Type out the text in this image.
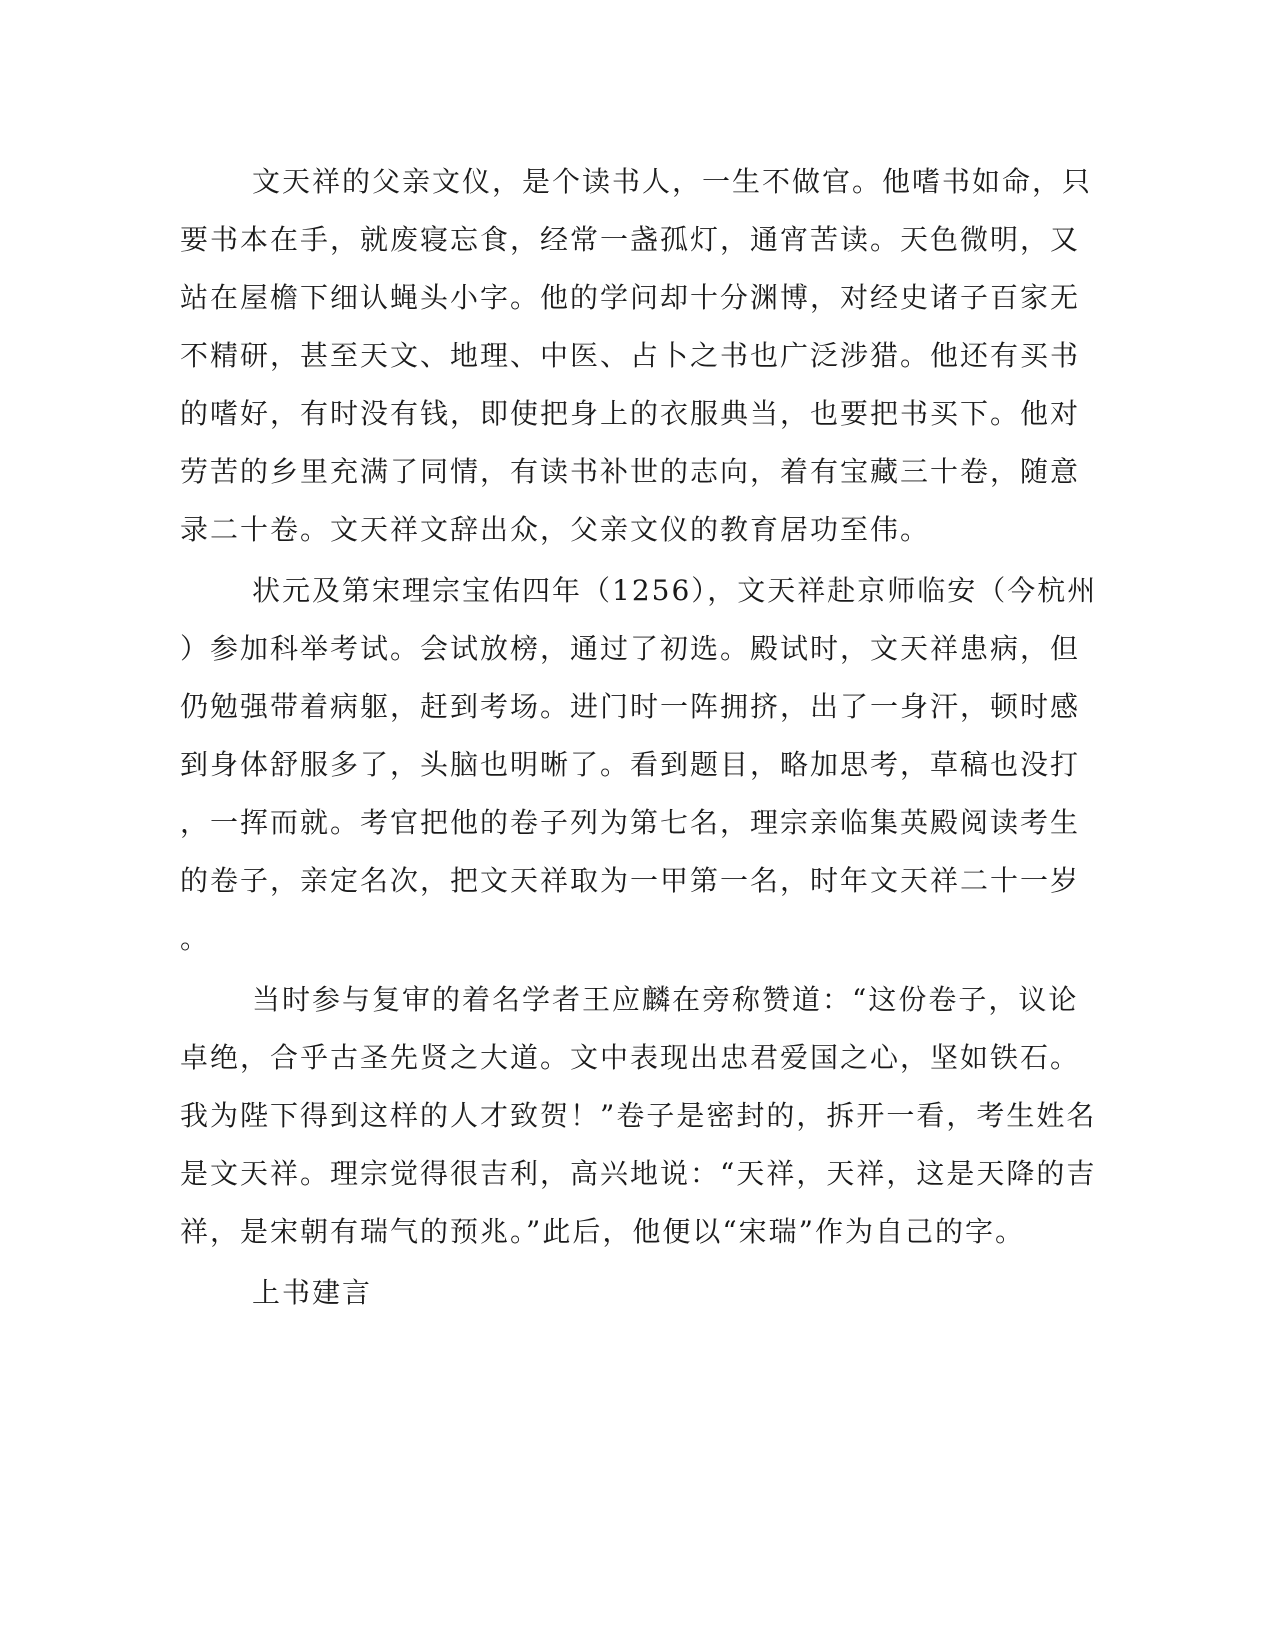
文天祥的父亲文仪，是个读书人，一生不做官。他嗜书如命，只
要书本在手，就废寝忘食，经常一盏孤灯，通宵苦读。天色微明，又
站在屋檐下细认蝇头小字。他的学问却十分渊博，对经史诸子百家无
不精研，甚至天文、地理、中医、占卜之书也广泛涉猎。他还有买书
的嗜好，有时没有钱，即使把身上的衣服典当，也要把书买下。他对
劳苦的乡里充满了同情，有读书补世的志向，着有宝藏三十卷，随意
录二十卷。文天祥文辞出众，父亲文仪的教育居功至伟。
状元及第宋理宗宝佑四年（1256），文天祥赴京师临安（今杭州
）参加科举考试。会试放榜，通过了初选。殿试时，文天祥患病，但
仍勉强带着病躯，赶到考场。进门时一阵拥挤，出了一身汗，顿时感
到身体舒服多了，头脑也明晰了。看到题目，略加思考，草稿也没打
，一挥而就。考官把他的卷子列为第七名，理宗亲临集英殿阅读考生
的卷子，亲定名次，把文天祥取为一甲第一名，时年文天祥二十一岁
。
当时参与复审的着名学者王应麟在旁称赞道：“这份卷子，议论
卓绝，合乎古圣先贤之大道。文中表现出忠君爱国之心，坚如铁石。
我为陛下得到这样的人才致贺！”卷子是密封的，拆开一看，考生姓名
是文天祥。理宗觉得很吉利，高兴地说：“天祥，天祥，这是天降的吉
祥，是宋朝有瑞气的预兆。”此后，他便以“宋瑞”作为自己的字。
上书建言
